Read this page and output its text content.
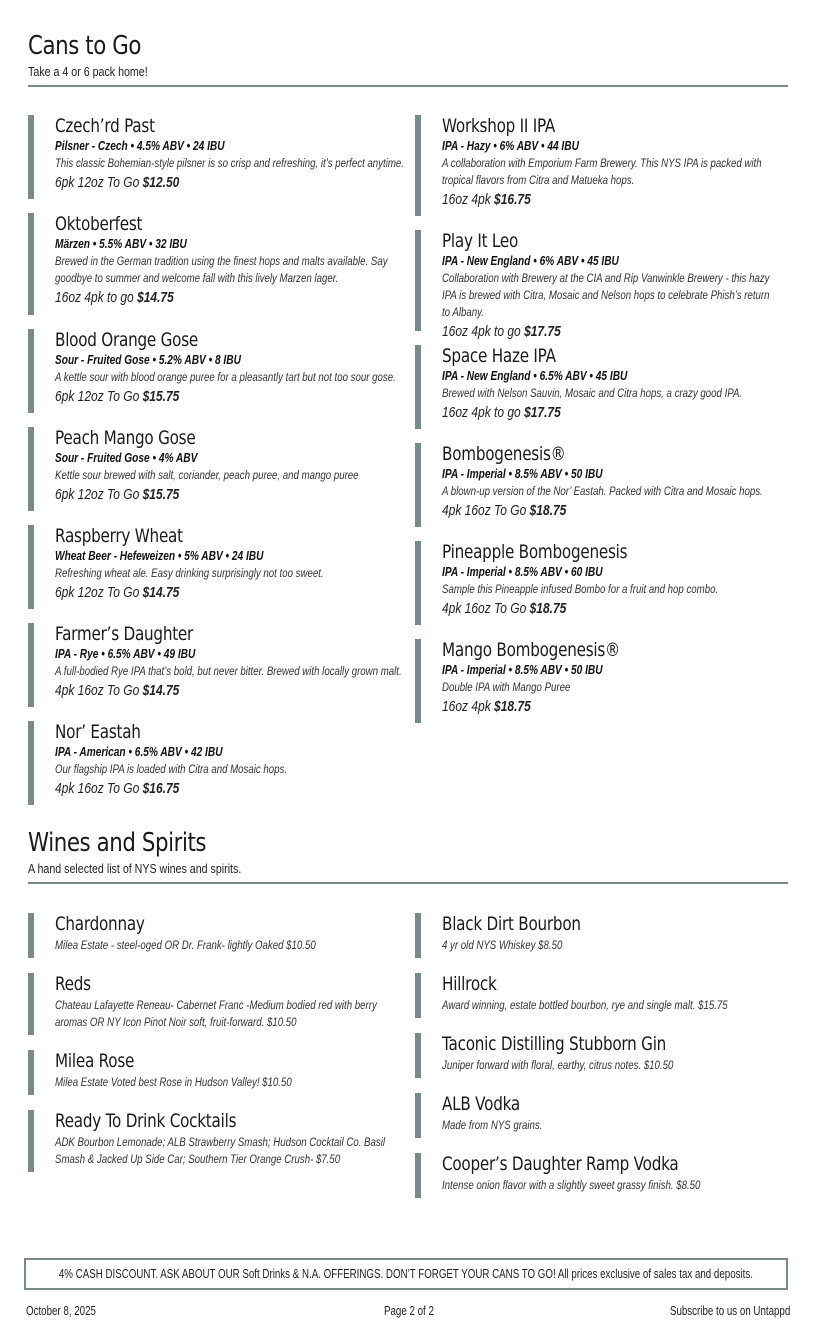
Cans to Go
Take a 4 or 6 pack home!
Czech’rd Past
Pilsner - Czech • 4.5% ABV • 24 IBU
This classic Bohemian-style pilsner is so crisp and refreshing, it’s perfect anytime.
6pk 12oz To Go $12.50
Oktoberfest
Märzen • 5.5% ABV • 32 IBU
Brewed in the German tradition using the finest hops and malts available. Say goodbye to summer and welcome fall with this lively Marzen lager.
16oz 4pk to go $14.75
Blood Orange Gose
Sour - Fruited Gose • 5.2% ABV • 8 IBU
A kettle sour with blood orange puree for a pleasantly tart but not too sour gose.
6pk 12oz To Go $15.75
Peach Mango Gose
Sour - Fruited Gose • 4% ABV
Kettle sour brewed with salt, coriander, peach puree, and mango puree
6pk 12oz To Go $15.75
Raspberry Wheat
Wheat Beer - Hefeweizen • 5% ABV • 24 IBU
Refreshing wheat ale. Easy drinking surprisingly not too sweet.
6pk 12oz To Go $14.75
Farmer’s Daughter
IPA - Rye • 6.5% ABV • 49 IBU
A full-bodied Rye IPA that’s bold, but never bitter. Brewed with locally grown malt.
4pk 16oz To Go $14.75
Nor’ Eastah
IPA - American • 6.5% ABV • 42 IBU
Our flagship IPA is loaded with Citra and Mosaic hops.
4pk 16oz To Go $16.75
Workshop II IPA
IPA - Hazy • 6% ABV • 44 IBU
A collaboration with Emporium Farm Brewery. This NYS IPA is packed with tropical flavors from Citra and Matueka hops.
16oz 4pk $16.75
Play It Leo
IPA - New England • 6% ABV • 45 IBU
Collaboration with Brewery at the CIA and Rip Vanwinkle Brewery - this hazy IPA is brewed with Citra, Mosaic and Nelson hops to celebrate Phish’s return to Albany.
16oz 4pk to go $17.75
Space Haze IPA
IPA - New England • 6.5% ABV • 45 IBU
Brewed with Nelson Sauvin, Mosaic and Citra hops, a crazy good IPA.
16oz 4pk to go $17.75
Bombogenesis®
IPA - Imperial • 8.5% ABV • 50 IBU
A blown-up version of the Nor’ Eastah. Packed with Citra and Mosaic hops.
4pk 16oz To Go $18.75
Pineapple Bombogenesis
IPA - Imperial • 8.5% ABV • 60 IBU
Sample this Pineapple infused Bombo for a fruit and hop combo.
4pk 16oz To Go $18.75
Mango Bombogenesis®
IPA - Imperial • 8.5% ABV • 50 IBU
Double IPA with Mango Puree
16oz 4pk $18.75
Wines and Spirits
A hand selected list of NYS wines and spirits.
Chardonnay
Milea Estate - steel-oged OR Dr. Frank- lightly Oaked $10.50
Reds
Chateau Lafayette Reneau- Cabernet Franc -Medium bodied red with berry aromas OR NY Icon Pinot Noir soft, fruit-forward. $10.50
Milea Rose
Milea Estate Voted best Rose in Hudson Valley! $10.50
Ready To Drink Cocktails
ADK Bourbon Lemonade; ALB Strawberry Smash; Hudson Cocktail Co. Basil Smash & Jacked Up Side Car; Southern Tier Orange Crush- $7.50
Black Dirt Bourbon
4 yr old NYS Whiskey $8.50
Hillrock
Award winning, estate bottled bourbon, rye and single malt. $15.75
Taconic Distilling Stubborn Gin
Juniper forward with floral, earthy, citrus notes. $10.50
ALB Vodka
Made from NYS grains.
Cooper’s Daughter Ramp Vodka
Intense onion flavor with a slightly sweet grassy finish. $8.50
4% CASH DISCOUNT. ASK ABOUT OUR Soft Drinks & N.A. OFFERINGS. DON’T FORGET YOUR CANS TO GO! All prices exclusive of sales tax and deposits.
October 8, 2025	Page 2 of 2	Subscribe to us on Untappd
